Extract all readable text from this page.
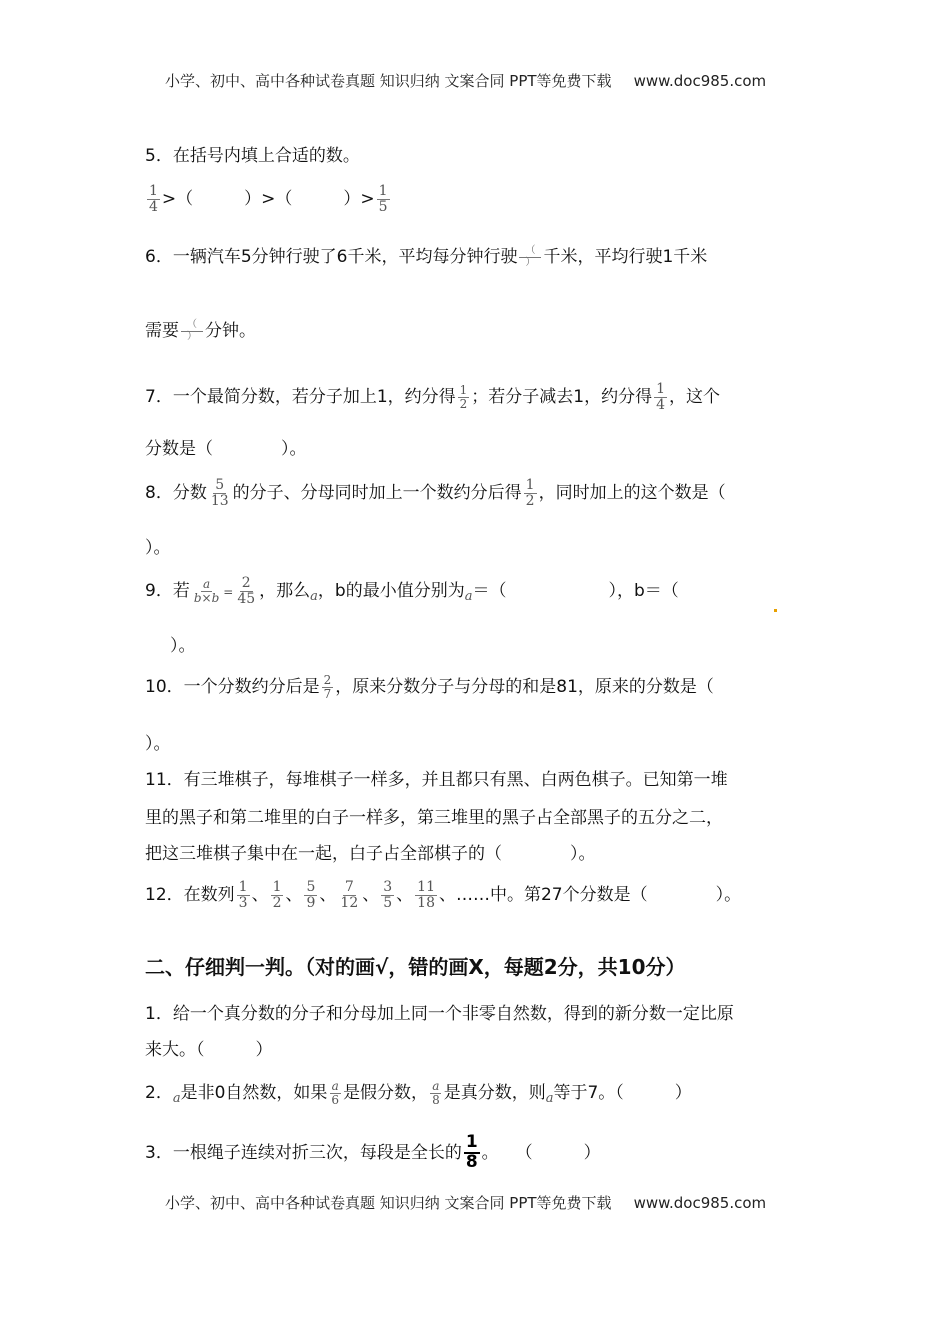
小学、初中、高中各种试卷真题 知识归纳 文案合同 PPT等免费下载 www.doc985.com
5．在括号内填上合适的数。
$\frac{1}{4}$ >（　　　）>（　　　）> $\frac{1}{5}$
6．一辆汽车5分钟行驶了6千米，平均每分钟行驶 $\frac{(}{)}$ 千米，平均行驶1千米
需要 $\frac{(}{)}$ 分钟。
7．一个最简分数，若分子加上1，约分得 $\frac{1}{2}$ ；若分子减去1，约分得 $\frac{1}{4}$ ，这个
分数是（　　　　）。
8．分数 $\frac{5}{13}$ 的分子、分母同时加上一个数约分后得 $\frac{1}{2}$ ，同时加上的这个数是（
）。
9．若 $\frac{a}{b\times b} = \frac{2}{45}$ ，那么$_a$，b的最小值分别为$_a$＝（　　　　　　），b＝（
）。
10．一个分数约分后是 $\frac{2}{7}$ ，原来分数分子与分母的和是81，原来的分数是（
）。
11．有三堆棋子，每堆棋子一样多，并且都只有黑、白两色棋子。已知第一堆
里的黑子和第二堆里的白子一样多，第三堆里的黑子占全部黑子的五分之二，
把这三堆棋子集中在一起，白子占全部棋子的（　　　　）。
12．在数列 $\frac{1}{3}$ 、 $\frac{1}{2}$ 、 $\frac{5}{9}$ 、 $\frac{7}{12}$ 、 $\frac{3}{5}$ 、 $\frac{11}{18}$ 、……中。第27个分数是（　　　　）。
二、仔细判一判。（对的画√，错的画X，每题2分，共10分）
1．给一个真分数的分子和分母加上同一个非零自然数，得到的新分数一定比原
来大。（　　　）
2．$_a$是非0自然数，如果 $\frac{a}{6}$ 是假分数， $\frac{a}{8}$ 是真分数，则$_a$等于7。（　　　）
3．一根绳子连续对折三次，每段是全长的 $\frac{1}{8}$ 。　　（　　　）
小学、初中、高中各种试卷真题 知识归纳 文案合同 PPT等免费下载 www.doc985.com
